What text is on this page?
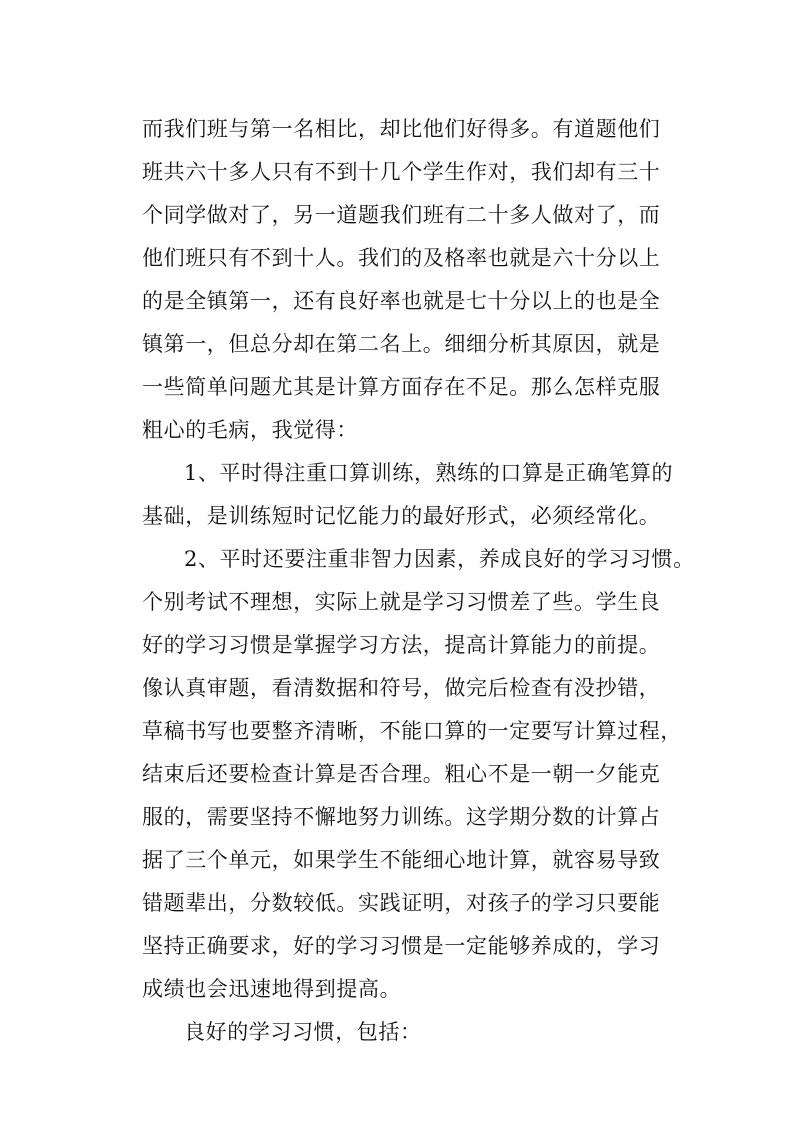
而我们班与第一名相比，却比他们好得多。有道题他们
班共六十多人只有不到十几个学生作对，我们却有三十
个同学做对了，另一道题我们班有二十多人做对了，而
他们班只有不到十人。我们的及格率也就是六十分以上
的是全镇第一，还有良好率也就是七十分以上的也是全
镇第一，但总分却在第二名上。细细分析其原因，就是
一些简单问题尤其是计算方面存在不足。那么怎样克服
粗心的毛病，我觉得：
1、平时得注重口算训练，熟练的口算是正确笔算的
基础，是训练短时记忆能力的最好形式，必须经常化。
2、平时还要注重非智力因素，养成良好的学习习惯。
个别考试不理想，实际上就是学习习惯差了些。学生良
好的学习习惯是掌握学习方法，提高计算能力的前提。
像认真审题，看清数据和符号，做完后检查有没抄错，
草稿书写也要整齐清晰，不能口算的一定要写计算过程，
结束后还要检查计算是否合理。粗心不是一朝一夕能克
服的，需要坚持不懈地努力训练。这学期分数的计算占
据了三个单元，如果学生不能细心地计算，就容易导致
错题辈出，分数较低。实践证明，对孩子的学习只要能
坚持正确要求，好的学习习惯是一定能够养成的，学习
成绩也会迅速地得到提高。
良好的学习习惯，包括：
